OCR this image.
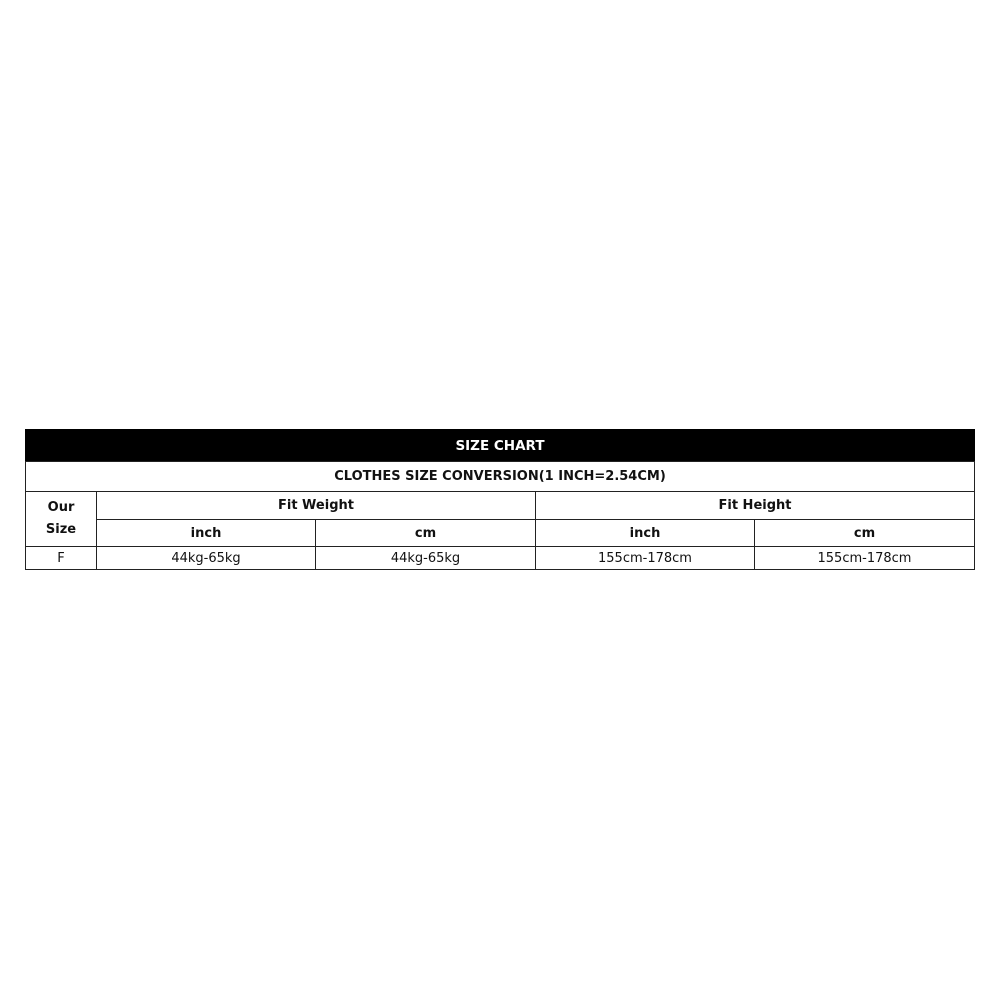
SIZE CHART
CLOTHES SIZE CONVERSION(1 INCH=2.54CM)
Our
Size
Fit Weight	Fit Height
inch	cm	inch	cm
F	44kg-65kg	44kg-65kg	155cm-178cm	155cm-178cm
